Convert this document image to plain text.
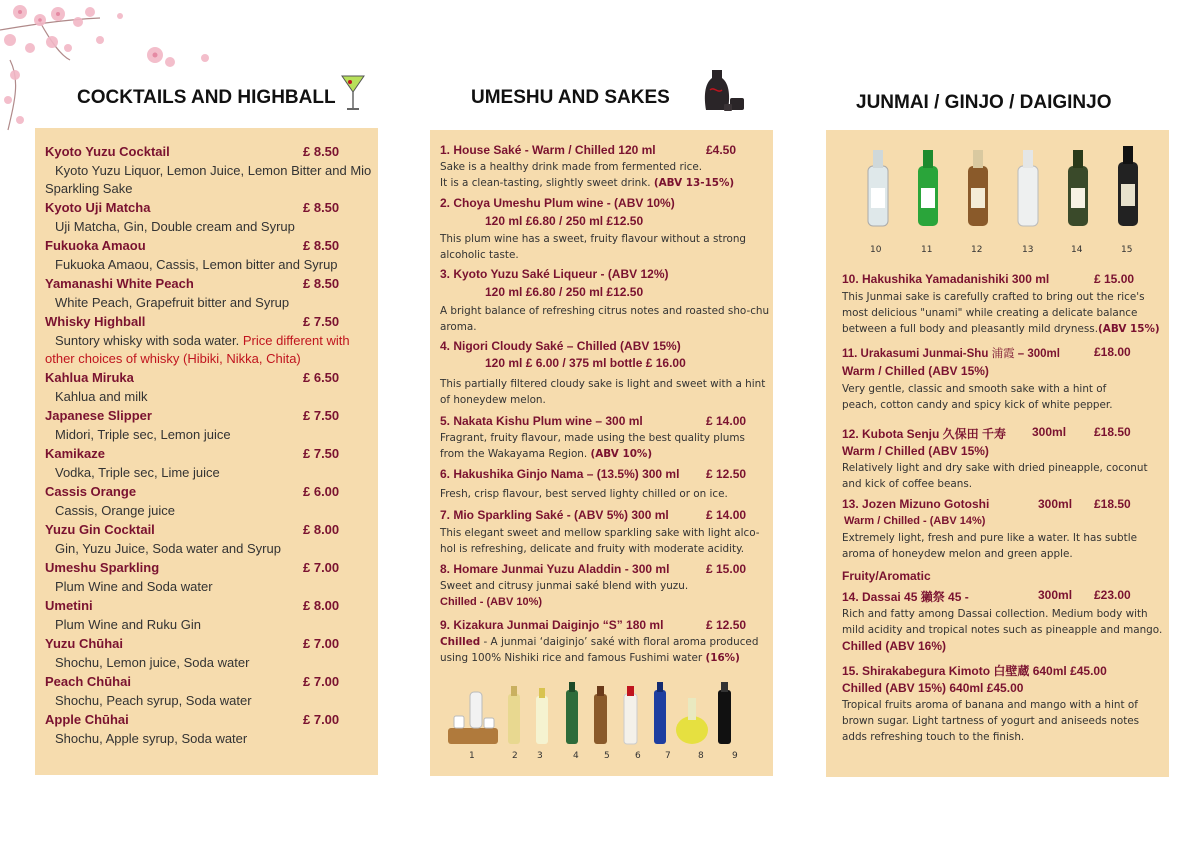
COCKTAILS AND HIGHBALL	UMESHU AND SAKES	JUNMAI / GINJO / DAIGINJO
Kyoto Yuzu Cocktail	£ 8.50
Kyoto Yuzu Liquor, Lemon Juice, Lemon Bitter and Mio Sparkling Sake
Kyoto Uji Matcha	£ 8.50
Uji Matcha, Gin, Double cream and Syrup
Fukuoka Amaou	£ 8.50
Fukuoka Amaou, Cassis, Lemon bitter and Syrup
Yamanashi White Peach	£ 8.50
White Peach, Grapefruit bitter and Syrup
Whisky Highball	£ 7.50
Suntory whisky with soda water. Price different with other choices of whisky (Hibiki, Nikka, Chita)
Kahlua Miruka	£ 6.50
Kahlua and milk
Japanese Slipper	£ 7.50
Midori, Triple sec, Lemon juice
Kamikaze	£ 7.50
Vodka, Triple sec, Lime juice
Cassis Orange	£ 6.00
Cassis, Orange juice
Yuzu Gin Cocktail	£ 8.00
Gin, Yuzu Juice, Soda water and Syrup
Umeshu Sparkling	£ 7.00
Plum Wine and Soda water
Umetini	£ 8.00
Plum Wine and Ruku Gin
Yuzu Chūhai	£ 7.00
Shochu, Lemon juice, Soda water
Peach Chūhai	£ 7.00
Shochu, Peach syrup, Soda water
Apple Chūhai	£ 7.00
Shochu, Apple syrup, Soda water
1. House Saké - Warm / Chilled 120 ml	£4.50
Sake is a healthy drink made from fermented rice.
It is a clean-tasting, slightly sweet drink. (ABV 13-15%)
2. Choya Umeshu Plum wine - (ABV 10%)
120 ml £6.80 / 250 ml £12.50
This plum wine has a sweet, fruity flavour without a strong alcoholic taste.
3. Kyoto Yuzu Saké Liqueur - (ABV 12%)
120 ml £6.80 / 250 ml £12.50
A bright balance of refreshing citrus notes and roasted sho-chu aroma.
4. Nigori Cloudy Saké – Chilled (ABV 15%)
120 ml £ 6.00 / 375 ml bottle £ 16.00
This partially filtered cloudy sake is light and sweet with a hint of honeydew melon.
5. Nakata Kishu Plum wine – 300 ml	£ 14.00
Fragrant, fruity flavour, made using the best quality plums from the Wakayama Region. (ABV 10%)
6. Hakushika Ginjo Nama – (13.5%) 300 ml £ 12.50
Fresh, crisp flavour, best served lighty chilled or on ice.
7. Mio Sparkling Saké - (ABV 5%) 300 ml	£ 14.00
This elegant sweet and mellow sparkling sake with light alco-hol is refreshing, delicate and fruity with moderate acidity.
8. Homare Junmai Yuzu Aladdin - 300 ml	£ 15.00
Sweet and citrusy junmai saké blend with yuzu.
Chilled - (ABV 10%)
9. Kizakura Junmai Daiginjo “S” 180 ml	£ 12.50
Chilled - A junmai ‘daiginjo’ saké with floral aroma produced using 100% Nishiki rice and famous Fushimi water (16%)
1	2 3	4	5	6	7	8	9
10	11	12	13	14	15
10. Hakushika Yamadanishiki 300 ml	£ 15.00
This Junmai sake is carefully crafted to bring out the rice's most delicious "unami" while creating a delicate balance between a full body and pleasantly mild dryness.(ABV 15%)
11. Urakasumi Junmai-Shu 浦霞 – 300ml	£18.00
Warm / Chilled (ABV 15%)
Very gentle, classic and smooth sake with a hint of peach, cotton candy and spicy kick of white pepper.
12. Kubota Senju 久保田 千寿 300ml £18.50
Warm / Chilled (ABV 15%)
Relatively light and dry sake with dried pineapple, coconut and kick of coffee beans.
13. Jozen Mizuno Gotoshi	300ml £18.50
Warm / Chilled - (ABV 14%)
Extremely light, fresh and pure like a water. It has subtle aroma of honeydew melon and green apple.
Fruity/Aromatic
14. Dassai 45 獺祭 45 -	300ml £23.00
Rich and fatty among Dassai collection. Medium body with mild acidity and tropical notes such as pineapple and mango.
Chilled (ABV 16%)
15. Shirakabegura Kimoto 白壁蔵 640ml £45.00
Chilled (ABV 15%) 640ml £45.00
Tropical fruits aroma of banana and mango with a hint of brown sugar. Light tartness of yogurt and aniseeds notes adds refreshing touch to the finish.
